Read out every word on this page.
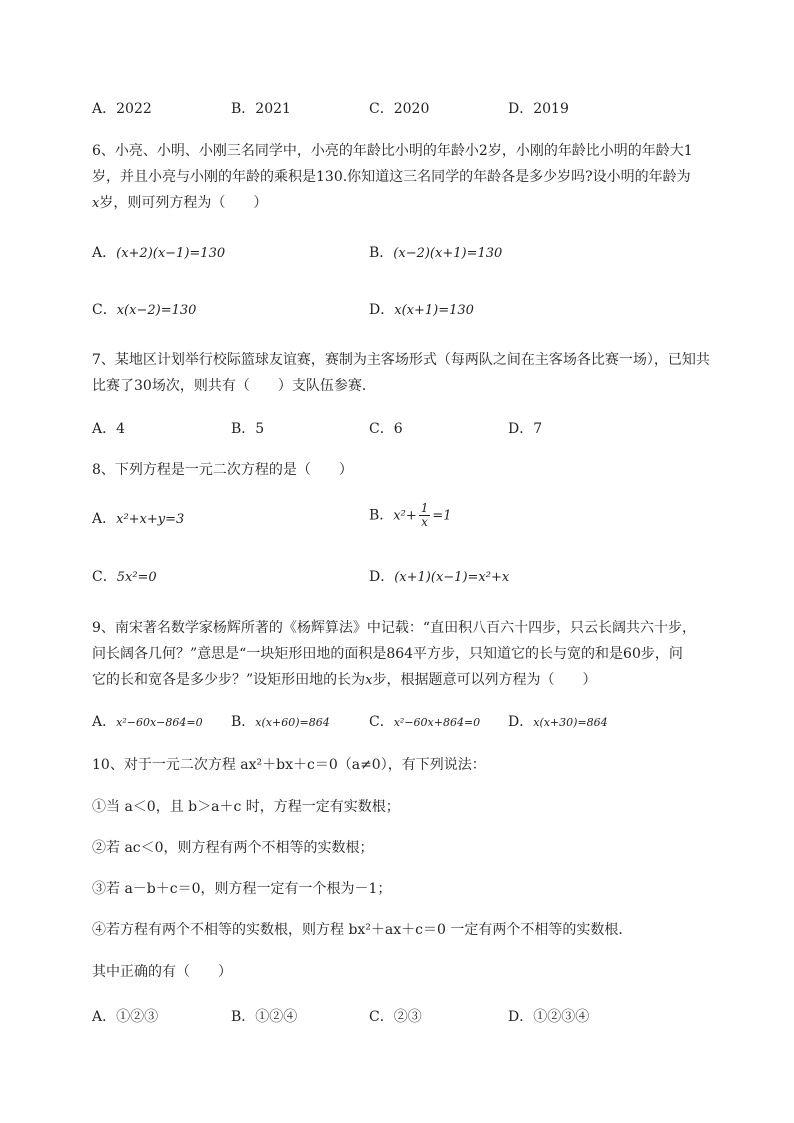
A．2022	B．2021	C．2020	D．2019
6、小亮、小明、小刚三名同学中，小亮的年龄比小明的年龄小2岁，小刚的年龄比小明的年龄大1
岁，并且小亮与小刚的年龄的乘积是130.你知道这三名同学的年龄各是多少岁吗?设小明的年龄为
x岁，则可列方程为（　　）
A．(x+2)(x−1)=130	B．(x−2)(x+1)=130
C．x(x−2)=130	D．x(x+1)=130
7、某地区计划举行校际篮球友谊赛，赛制为主客场形式（每两队之间在主客场各比赛一场），已知共
比赛了30场次，则共有（　　）支队伍参赛．
A．4	B．5	C．6	D．7
8、下列方程是一元二次方程的是（　　）
A．x²+x+y=3	B．$x^2+ \frac{1}{x} =1$
C．5x²=0	D．(x+1)(x−1)=x²+x
9、南宋著名数学家杨辉所著的《杨辉算法》中记载：“直田积八百六十四步，只云长阔共六十步，
问长阔各几何？”意思是“一块矩形田地的面积是864平方步，只知道它的长与宽的和是60步，问
它的长和宽各是多少步？”设矩形田地的长为x步，根据题意可以列方程为（　　）
A．x²−60x−864=0 B．x(x+60)=864	C．x²−60x+864=0 D．x(x+30)=864
10、对于一元二次方程 ax²＋bx＋c＝0（a≠0），有下列说法：
①当 a＜0，且 b＞a＋c 时，方程一定有实数根；
②若 ac＜0，则方程有两个不相等的实数根；
③若 a－b＋c＝0，则方程一定有一个根为－1；
④若方程有两个不相等的实数根，则方程 bx²＋ax＋c＝0 一定有两个不相等的实数根．
其中正确的有（　　）
A．①②③	B．①②④	C．②③	D．①②③④
